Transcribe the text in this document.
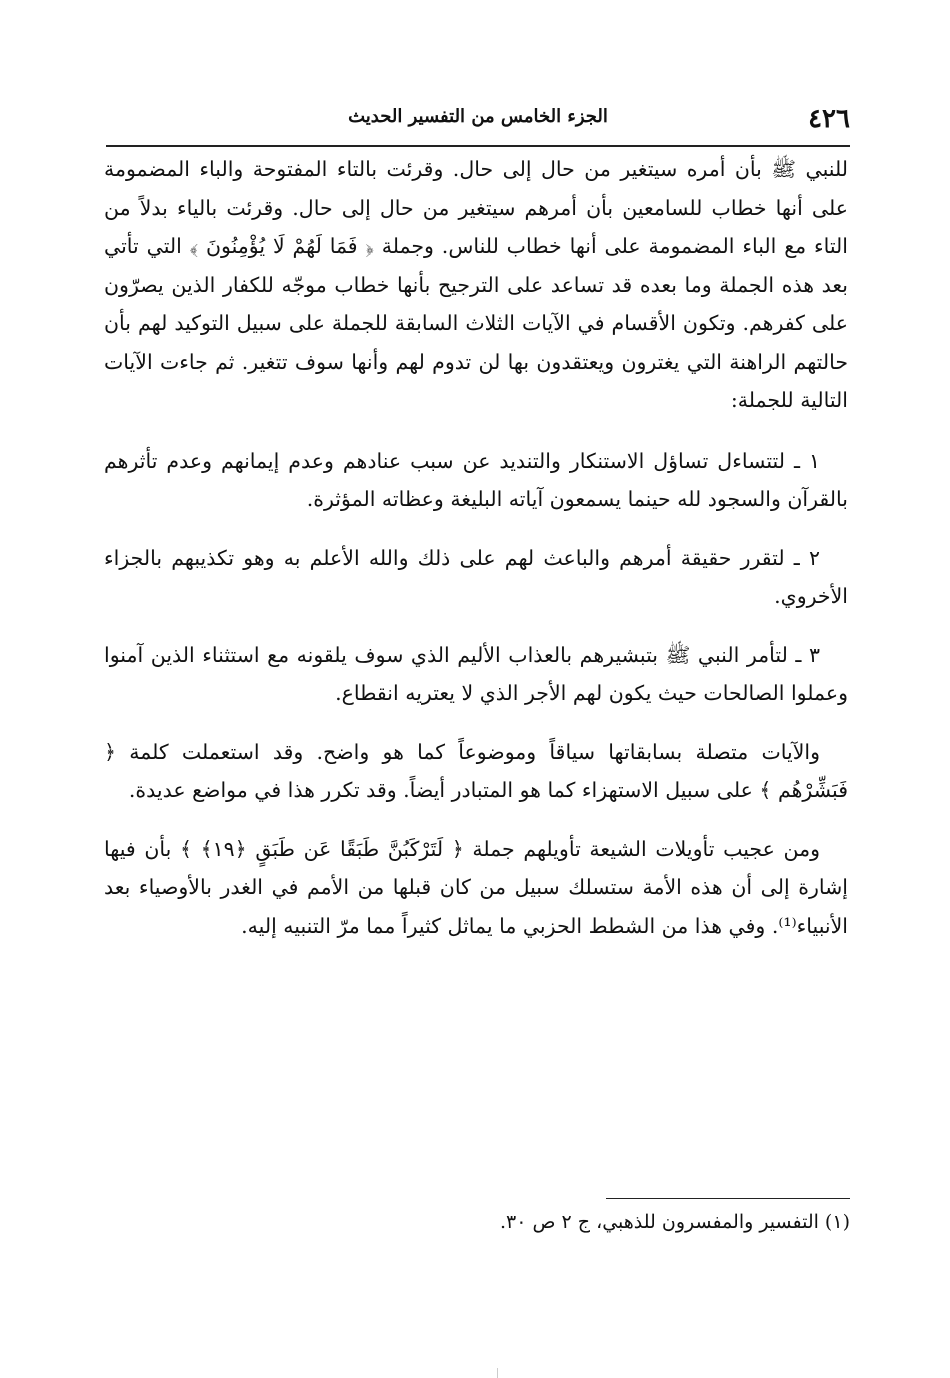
٤٢٦
الجزء الخامس من التفسير الحديث

للنبي ﷺ بأن أمره سيتغير من حال إلى حال. وقرئت بالتاء المفتوحة والباء المضمومة على أنها خطاب للسامعين بأن أمرهم سيتغير من حال إلى حال. وقرئت بالياء بدلاً من التاء مع الباء المضمومة على أنها خطاب للناس. وجملة ﴿ فَمَا لَهُمْ لَا يُؤْمِنُونَ ﴾ التي تأتي بعد هذه الجملة وما بعده قد تساعد على الترجيح بأنها خطاب موجّه للكفار الذين يصرّون على كفرهم. وتكون الأقسام في الآيات الثلاث السابقة للجملة على سبيل التوكيد لهم بأن حالتهم الراهنة التي يغترون ويعتقدون بها لن تدوم لهم وأنها سوف تتغير. ثم جاءت الآيات التالية للجملة:

١ ـ لتتساءل تساؤل الاستنكار والتنديد عن سبب عنادهم وعدم إيمانهم وعدم تأثرهم بالقرآن والسجود لله حينما يسمعون آياته البليغة وعظاته المؤثرة.

٢ ـ لتقرر حقيقة أمرهم والباعث لهم على ذلك والله الأعلم به وهو تكذيبهم بالجزاء الأخروي.

٣ ـ لتأمر النبي ﷺ بتبشيرهم بالعذاب الأليم الذي سوف يلقونه مع استثناء الذين آمنوا وعملوا الصالحات حيث يكون لهم الأجر الذي لا يعتريه انقطاع.

والآيات متصلة بسابقاتها سياقاً وموضوعاً كما هو واضح. وقد استعملت كلمة ﴿ فَبَشِّرْهُم ﴾ على سبيل الاستهزاء كما هو المتبادر أيضاً. وقد تكرر هذا في مواضع عديدة.

ومن عجيب تأويلات الشيعة تأويلهم جملة ﴿ لَتَرْكَبُنَّ طَبَقًا عَن طَبَقٍ ﴿١٩﴾ ﴾ بأن فيها إشارة إلى أن هذه الأمة ستسلك سبيل من كان قبلها من الأمم في الغدر بالأوصياء بعد الأنبياء⁽¹⁾. وفي هذا من الشطط الحزبي ما يماثل كثيراً مما مرّ التنبيه إليه.

(١) التفسير والمفسرون للذهبي، ج ٢ ص ٣٠.
